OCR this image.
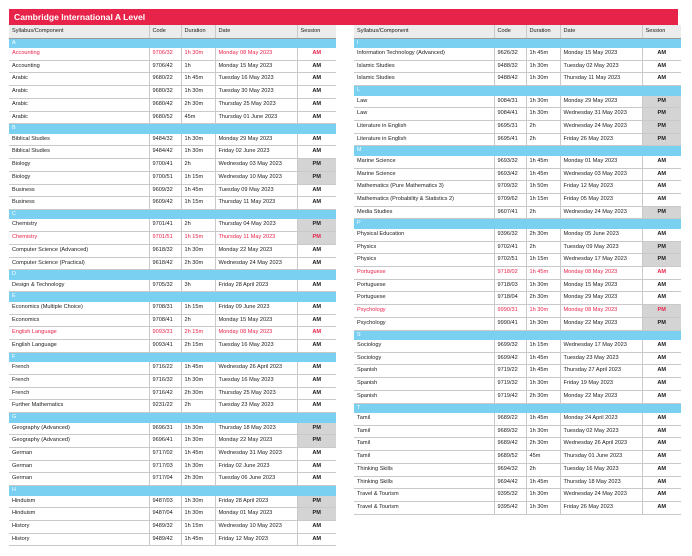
Cambridge International A Level
Syllabus/Component	Code	Duration	Date	Session
A				
Accounting	9706/32	1h 30m	Monday 08 May 2023	AM
Accounting	9706/42	1h	Monday 15 May 2023	AM
Arabic	9680/22	1h 45m	Tuesday 16 May 2023	AM
Arabic	9680/32	1h 30m	Tuesday 30 May 2023	AM
Arabic	9680/42	2h 30m	Thursday 25 May 2023	AM
Arabic	9680/52	45m	Thursday 01 June 2023	AM
B				
Biblical Studies	9484/32	1h 30m	Monday 29 May 2023	AM
Biblical Studies	9484/42	1h 30m	Friday 02 June 2023	AM
Biology	9700/41	2h	Wednesday 03 May 2023	PM
Biology	9700/51	1h 15m	Wednesday 10 May 2023	PM
Business	9609/32	1h 45m	Tuesday 09 May 2023	AM
Business	9609/42	1h 15m	Thursday 11 May 2023	AM
C				
Chemistry	9701/41	2h	Thursday 04 May 2023	PM
Chemistry	9701/51	1h 15m	Thursday 11 May 2023	PM
Computer Science (Advanced)	9618/32	1h 30m	Monday 22 May 2023	AM
Computer Science (Practical)	9618/42	2h 30m	Wednesday 24 May 2023	AM
D				
Design & Technology	9705/32	3h	Friday 28 April 2023	AM
E				
Economics (Multiple Choice)	9708/31	1h 15m	Friday 09 June 2023	AM
Economics	9708/41	2h	Monday 15 May 2023	AM
English Language	9093/31	2h 15m	Monday 08 May 2023	AM
English Language	9093/41	2h 15m	Tuesday 16 May 2023	AM
F				
French	9716/22	1h 45m	Wednesday 26 April 2023	AM
French	9716/32	1h 30m	Tuesday 16 May 2023	AM
French	9716/42	2h 30m	Thursday 25 May 2023	AM
Further Mathematics	9231/22	2h	Tuesday 23 May 2023	AM
G				
Geography (Advanced)	9696/31	1h 30m	Thursday 18 May 2023	PM
Geography (Advanced)	9696/41	1h 30m	Monday 22 May 2023	PM
German	9717/02	1h 45m	Wednesday 31 May 2023	AM
German	9717/03	1h 30m	Friday 02 June 2023	AM
German	9717/04	2h 30m	Tuesday 06 June 2023	AM
H				
Hinduism	9487/03	1h 30m	Friday 28 April 2023	PM
Hinduism	9487/04	1h 30m	Monday 01 May 2023	PM
History	9489/32	1h 15m	Wednesday 10 May 2023	AM
History	9489/42	1h 45m	Friday 12 May 2023	AM
Syllabus/Component	Code	Duration	Date	Session
I				
Information Technology (Advanced)	9626/32	1h 45m	Monday 15 May 2023	AM
Islamic Studies	9488/32	1h 30m	Tuesday 02 May 2023	AM
Islamic Studies	9488/42	1h 30m	Thursday 11 May 2023	AM
L				
Law	9084/31	1h 30m	Monday 29 May 2023	PM
Law	9084/41	1h 30m	Wednesday 31 May 2023	PM
Literature in English	9695/31	2h	Wednesday 24 May 2023	PM
Literature in English	9695/41	2h	Friday 26 May 2023	PM
M				
Marine Science	9693/32	1h 45m	Monday 01 May 2023	AM
Marine Science	9693/42	1h 45m	Wednesday 03 May 2023	AM
Mathematics (Pure Mathematics 3)	9709/32	1h 50m	Friday 12 May 2023	AM
Mathematics (Probability & Statistics 2)	9709/62	1h 15m	Friday 05 May 2023	AM
Media Studies	9607/41	2h	Wednesday 24 May 2023	PM
P				
Physical Education	9396/32	2h 30m	Monday 05 June 2023	AM
Physics	9702/41	2h	Tuesday 09 May 2023	PM
Physics	9702/51	1h 15m	Wednesday 17 May 2023	PM
Portuguese	9718/02	1h 45m	Monday 08 May 2023	AM
Portuguese	9718/03	1h 30m	Monday 15 May 2023	AM
Portuguese	9718/04	2h 30m	Monday 29 May 2023	AM
Psychology	9990/31	1h 30m	Monday 08 May 2023	PM
Psychology	9990/41	1h 30m	Monday 22 May 2023	PM
S				
Sociology	9699/32	1h 15m	Wednesday 17 May 2023	AM
Sociology	9699/42	1h 45m	Tuesday 23 May 2023	AM
Spanish	9719/22	1h 45m	Thursday 27 April 2023	AM
Spanish	9719/32	1h 30m	Friday 19 May 2023	AM
Spanish	9719/42	2h 30m	Monday 22 May 2023	AM
T				
Tamil	9689/22	1h 45m	Monday 24 April 2023	AM
Tamil	9689/32	1h 30m	Tuesday 02 May 2023	AM
Tamil	9689/42	2h 30m	Wednesday 26 April 2023	AM
Tamil	9689/52	45m	Thursday 01 June 2023	AM
Thinking Skills	9694/32	2h	Tuesday 16 May 2023	AM
Thinking Skills	9694/42	1h 45m	Thursday 18 May 2023	AM
Travel & Tourism	9395/32	1h 30m	Wednesday 24 May 2023	AM
Travel & Tourism	9395/42	1h 30m	Friday 26 May 2023	AM
